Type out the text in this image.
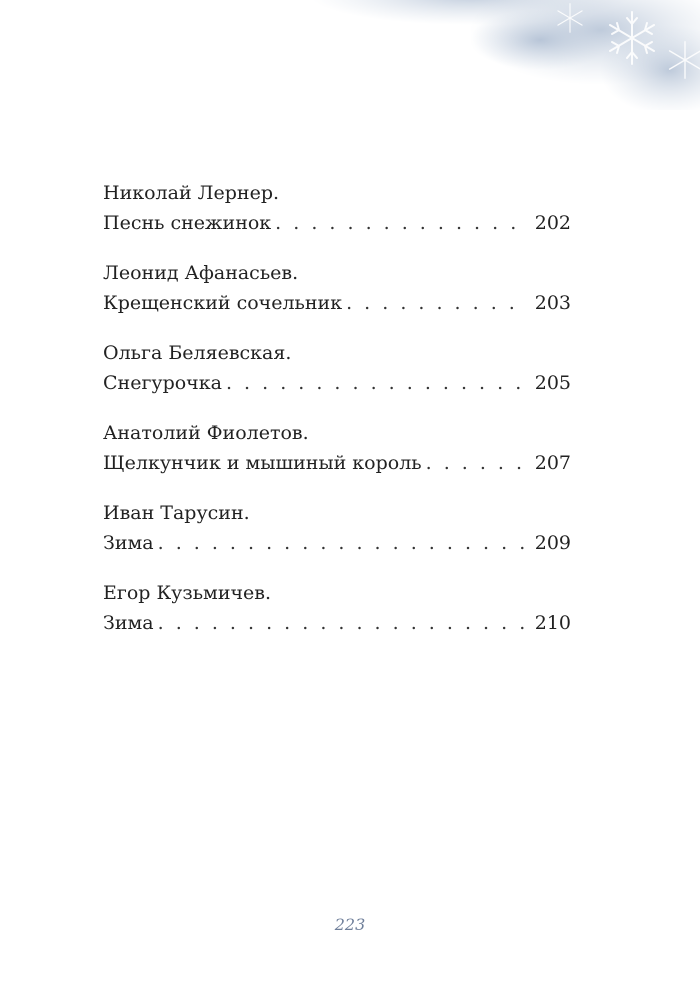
Николай Лернер.
Песнь снежинок . . .	202
Леонид Афанасьев.
Крещенский сочельник . . .	203
Ольга Беляевская.
Снегурочка . . .	205
Анатолий Фиолетов.
Щелкунчик и мышиный король . . .	207
Иван Тарусин.
Зима . . .	209
Егор Кузьмичев.
Зима . . .	210
223
